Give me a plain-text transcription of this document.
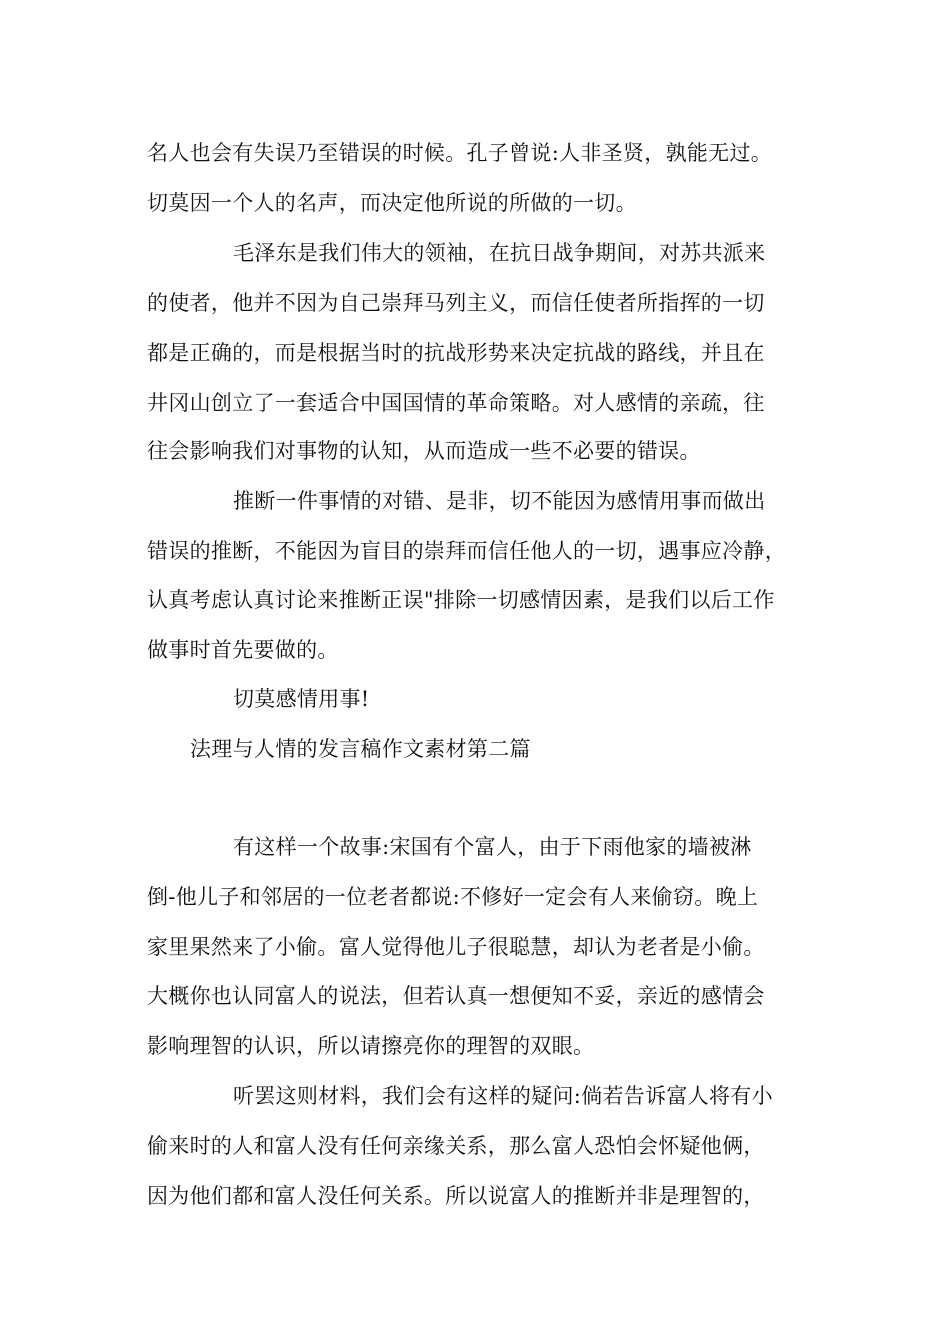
名人也会有失误乃至错误的时候。孔子曾说:人非圣贤，孰能无过。
切莫因一个人的名声，而决定他所说的所做的一切。
毛泽东是我们伟大的领袖，在抗日战争期间，对苏共派来
的使者，他并不因为自己崇拜马列主义，而信任使者所指挥的一切
都是正确的，而是根据当时的抗战形势来决定抗战的路线，并且在
井冈山创立了一套适合中国国情的革命策略。对人感情的亲疏，往
往会影响我们对事物的认知，从而造成一些不必要的错误。
推断一件事情的对错、是非，切不能因为感情用事而做出
错误的推断，不能因为盲目的崇拜而信任他人的一切，遇事应冷静，
认真考虑认真讨论来推断正误"排除一切感情因素，是我们以后工作
做事时首先要做的。
切莫感情用事!
法理与人情的发言稿作文素材第二篇
有这样一个故事:宋国有个富人，由于下雨他家的墙被淋
倒-他儿子和邻居的一位老者都说:不修好一定会有人来偷窃。晚上
家里果然来了小偷。富人觉得他儿子很聪慧，却认为老者是小偷。
大概你也认同富人的说法，但若认真一想便知不妥，亲近的感情会
影响理智的认识，所以请擦亮你的理智的双眼。
听罢这则材料，我们会有这样的疑问:倘若告诉富人将有小
偷来时的人和富人没有任何亲缘关系，那么富人恐怕会怀疑他俩，
因为他们都和富人没任何关系。所以说富人的推断并非是理智的，
